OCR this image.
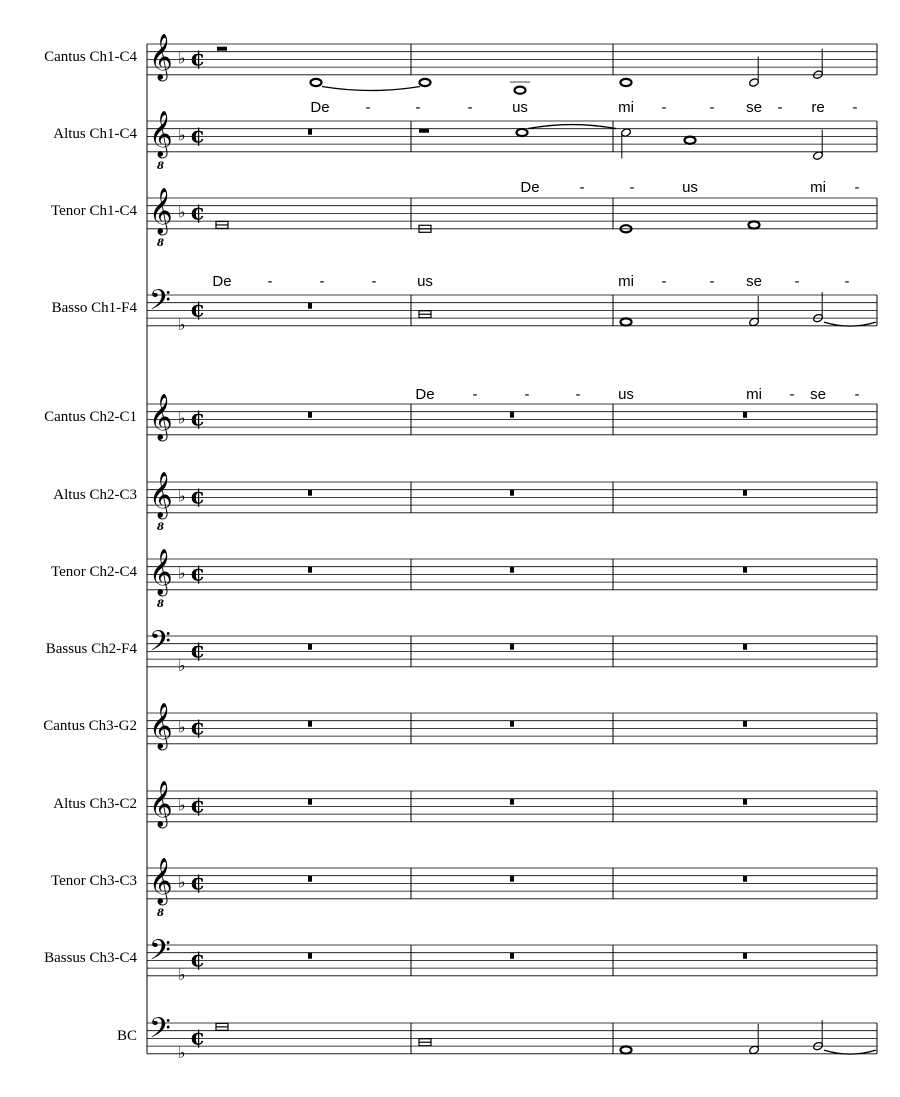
𝄞 ♭ ¢
𝄞
8
♭ ¢
𝄞
8
♭ ¢
𝄢
♭
¢
𝄞 ♭ ¢
𝄞
8
♭ ¢
𝄞
8
♭ ¢
𝄢
♭
¢
𝄞 ♭ ¢
𝄞 ♭ ¢
𝄞
8
♭ ¢
𝄢
♭
¢
𝄢
♭
¢
Cantus Ch1-C4
Altus Ch1-C4
Tenor Ch1-C4
Basso Ch1-F4
Cantus Ch2-C1
Altus Ch2-C3
Tenor Ch2-C4
Bassus Ch2-F4
Cantus Ch3-G2
Altus Ch3-C2
Tenor Ch3-C3
Bassus Ch3-C4
BC
De -	-	-	us	mi -	- se - re -
De	-	-	us	mi -
De -	-	-	us	mi -	- se -	-
De	-	-	-	us	mi - se -
